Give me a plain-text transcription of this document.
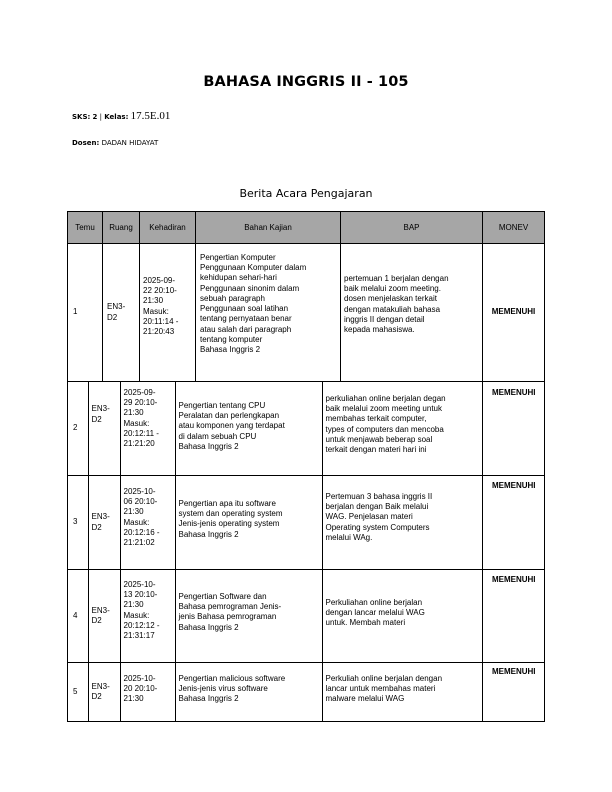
BAHASA INGGRIS II - 105
SKS: 2 | Kelas: 17.5E.01
Dosen: DADAN HIDAYAT
Berita Acara Pengajaran
Temu	Ruang	Kehadiran	Bahan Kajian	BAP	MONEV
1	EN3-
D2	2025-09-
22 20:10-
21:30
Masuk:
20:11:14 -
21:20:43	Pengertian Komputer
Penggunaan Komputer dalam
kehidupan sehari-hari
Penggunaan sinonim dalam
sebuah paragraph
Penggunaan soal latihan
tentang pernyataan benar
atau salah dari paragraph
tentang komputer
Bahasa Inggris 2	pertemuan 1 berjalan dengan
baik melalui zoom meeting.
dosen menjelaskan terkait
dengan matakuliah bahasa
inggris II dengan detail
kepada mahasiswa.	MEMENUHI

2	EN3-
D2	2025-09-
29 20:10-
21:30
Masuk:
20:12:11 -
21:21:20	Pengertian tentang CPU
Peralatan dan perlengkapan
atau komponen yang terdapat
di dalam sebuah CPU
Bahasa Inggris 2	perkuliahan online berjalan degan
baik melalui zoom meeting untuk
membahas terkait computer,
types of computers dan mencoba
untuk menjawab beberap soal
terkait dengan materi hari ini	MEMENUHI

3	EN3-
D2	2025-10-
06 20:10-
21:30
Masuk:
20:12:16 -
21:21:02	Pengertian apa itu software
system dan operating system
Jenis-jenis operating system
Bahasa Inggris 2	Pertemuan 3 bahasa inggris II
berjalan dengan Baik melalui
WAG. Penjelasan materi
Operating system Computers
melalui WAg.	MEMENUHI

4	EN3-
D2	2025-10-
13 20:10-
21:30
Masuk:
20:12:12 -
21:31:17	Pengertian Software dan
Bahasa pemrograman Jenis-
jenis Bahasa pemrograman
Bahasa Inggris 2	Perkuliahan online berjalan
dengan lancar melalui WAG
untuk. Membah materi	MEMENUHI

5	EN3-
D2	2025-10-
20 20:10-
21:30	Pengertian malicious software
Jenis-jenis virus software
Bahasa Inggris 2	Perkuliah online berjalan dengan
lancar untuk membahas materi
malware melalui WAG	MEMENUHI
